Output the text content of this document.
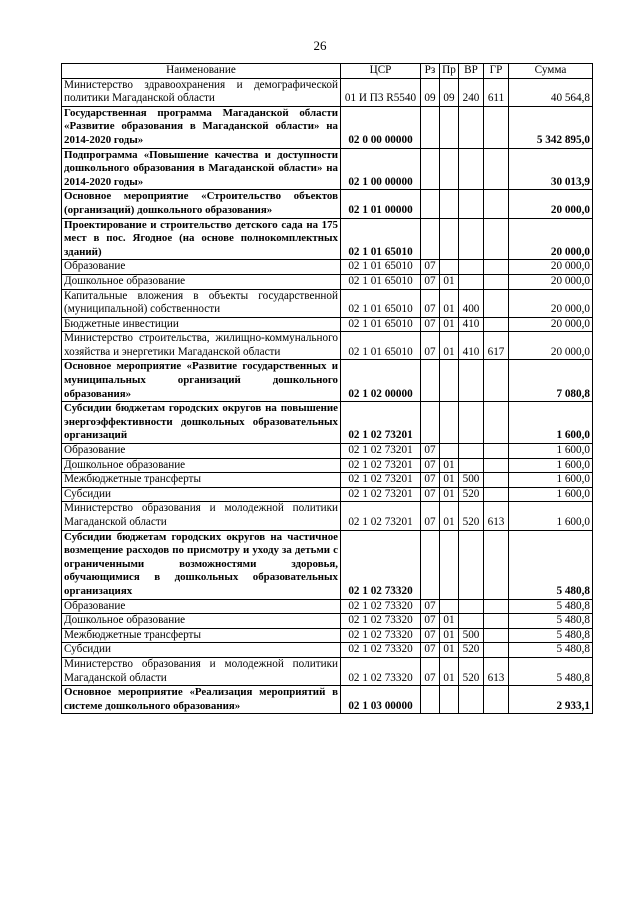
26
Наименование	ЦСР	Рз	Пр	ВР	ГР	Сумма
Министерство здравоохранения и демографической политики Магаданской области	01 И П3 R5540	09	09	240	611	40 564,8
Государственная программа Магаданской области «Развитие образования в Магаданской области» на 2014-2020 годы»	02 0 00 00000					5 342 895,0
Подпрограмма «Повышение качества и доступности дошкольного образования в Магаданской области» на 2014-2020 годы»	02 1 00 00000					30 013,9
Основное мероприятие «Строительство объектов (организаций) дошкольного образования»	02 1 01 00000					20 000,0
Проектирование и строительство детского сада на 175 мест в пос. Ягодное (на основе полнокомплектных зданий)	02 1 01 65010					20 000,0
Образование	02 1 01 65010	07				20 000,0
Дошкольное образование	02 1 01 65010	07	01			20 000,0
Капитальные вложения в объекты государственной (муниципальной) собственности	02 1 01 65010	07	01	400		20 000,0
Бюджетные инвестиции	02 1 01 65010	07	01	410		20 000,0
Министерство строительства, жилищно-коммунального хозяйства и энергетики Магаданской области	02 1 01 65010	07	01	410	617	20 000,0
Основное мероприятие «Развитие государственных и муниципальных организаций дошкольного образования»	02 1 02 00000					7 080,8
Субсидии бюджетам городских округов на повышение энергоэффективности дошкольных образовательных организаций	02 1 02 73201					1 600,0
Образование	02 1 02 73201	07				1 600,0
Дошкольное образование	02 1 02 73201	07	01			1 600,0
Межбюджетные трансферты	02 1 02 73201	07	01	500		1 600,0
Субсидии	02 1 02 73201	07	01	520		1 600,0
Министерство образования и молодежной политики Магаданской области	02 1 02 73201	07	01	520	613	1 600,0
Субсидии бюджетам городских округов на частичное возмещение расходов по присмотру и уходу за детьми с ограниченными возможностями здоровья, обучающимися в дошкольных образовательных организациях	02 1 02 73320					5 480,8
Образование	02 1 02 73320	07				5 480,8
Дошкольное образование	02 1 02 73320	07	01			5 480,8
Межбюджетные трансферты	02 1 02 73320	07	01	500		5 480,8
Субсидии	02 1 02 73320	07	01	520		5 480,8
Министерство образования и молодежной политики Магаданской области	02 1 02 73320	07	01	520	613	5 480,8
Основное мероприятие «Реализация мероприятий в системе дошкольного образования»	02 1 03 00000					2 933,1
